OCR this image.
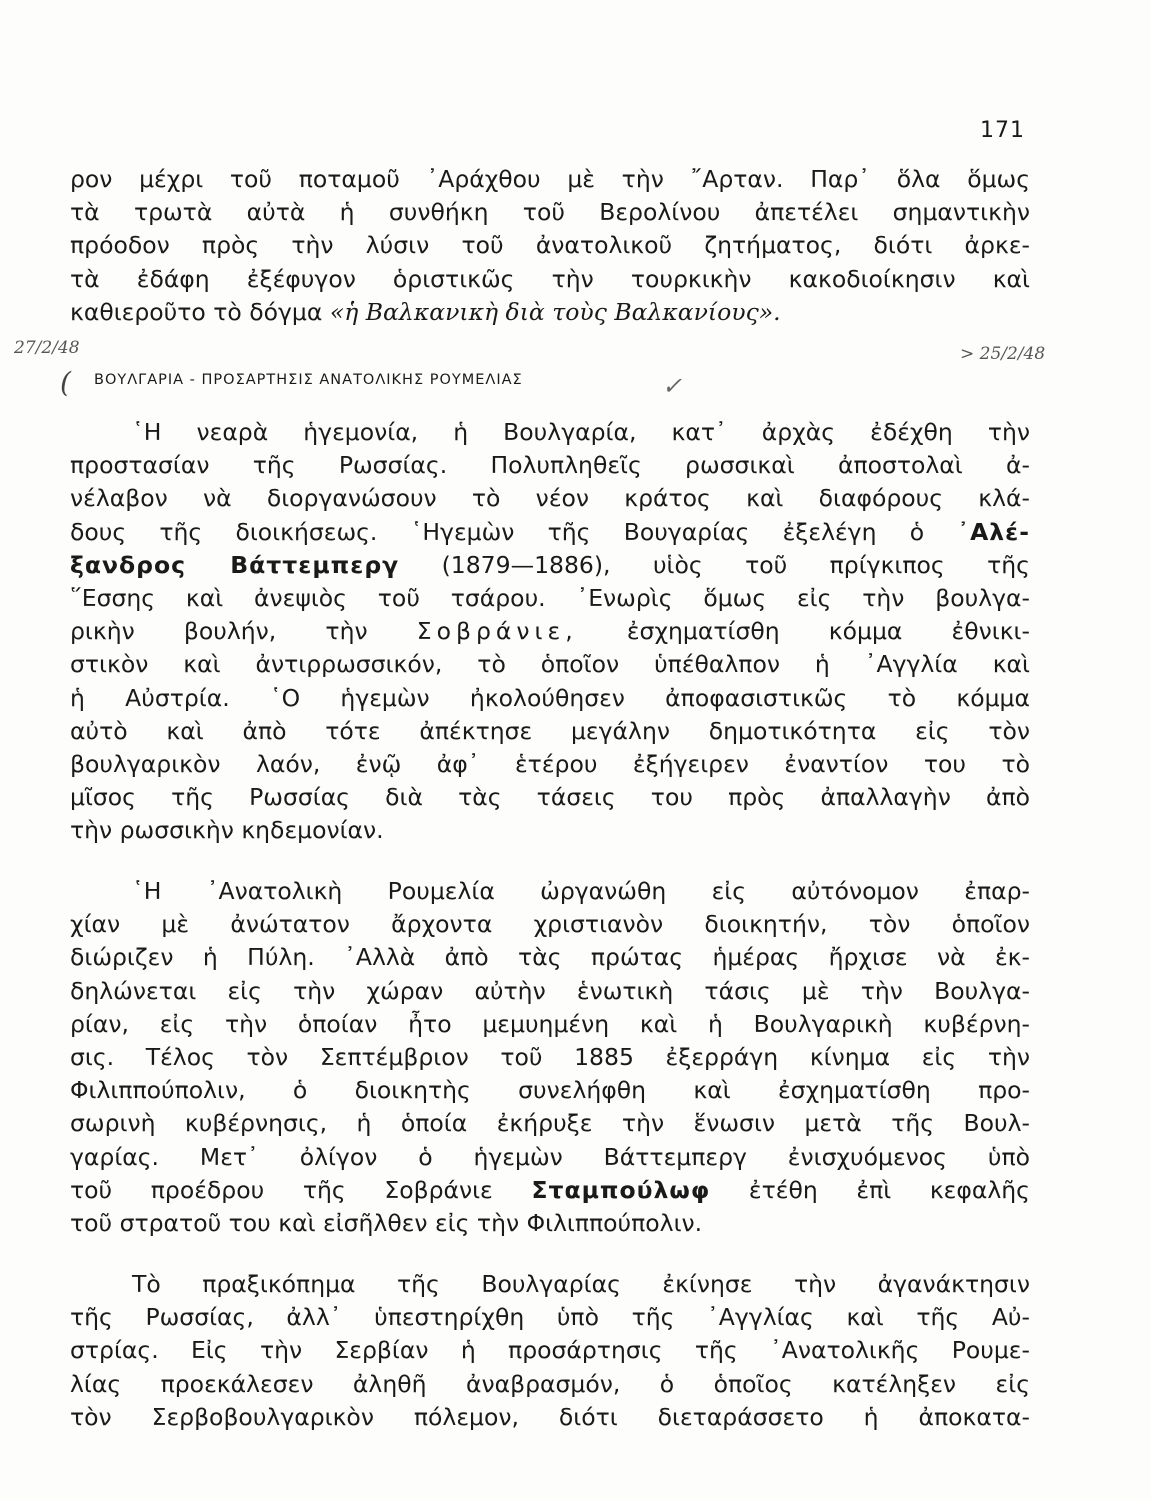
171
ρον μέχρι τοῦ ποταμοῦ ᾿Αράχθου μὲ τὴν ῎Αρταν. Παρ᾿ ὅλα ὅμως
τὰ τρωτὰ αὐτὰ ἡ συνθήκη τοῦ Βερολίνου ἀπετέλει σημαντικὴν
πρόοδον πρὸς τὴν λύσιν τοῦ ἀνατολικοῦ ζητήματος, διότι ἀρκε-
τὰ ἐδάφη ἐξέφυγον ὁριστικῶς τὴν τουρκικὴν κακοδιοίκησιν καὶ
καθιεροῦτο τὸ δόγμα «ἡ Βαλκανικὴ διὰ τοὺς Βαλκανίους».
27/2/48	> 25/2/48
(	✓
ΒΟΥΛΓΑΡΙΑ - ΠΡΟΣΑΡΤΗΣΙΣ ΑΝΑΤΟΛΙΚΗΣ ΡΟΥΜΕΛΙΑΣ
῾Η νεαρὰ ἡγεμονία, ἡ Βουλγαρία, κατ᾿ ἀρχὰς ἐδέχθη τὴν
προστασίαν τῆς Ρωσσίας. Πολυπληθεῖς ρωσσικαὶ ἀποστολαὶ ἀ-
νέλαβον νὰ διοργανώσουν τὸ νέον κράτος καὶ διαφόρους κλά-
δους τῆς διοικήσεως. ῾Ηγεμὼν τῆς Βουγαρίας ἐξελέγη ὁ ᾿Αλέ-
ξανδρος Βάττεμπεργ (1879—1886), υἱὸς τοῦ πρίγκιπος τῆς
῞Εσσης καὶ ἀνεψιὸς τοῦ τσάρου. ᾿Ενωρὶς ὅμως εἰς τὴν βουλγα-
ρικὴν βουλήν, τὴν Σοβράνιε, ἐσχηματίσθη κόμμα ἐθνικι-
στικὸν καὶ ἀντιρρωσσικόν, τὸ ὁποῖον ὑπέθαλπον ἡ ᾿Αγγλία καὶ
ἡ Αὐστρία. ῾Ο ἡγεμὼν ἠκολούθησεν ἀποφασιστικῶς τὸ κόμμα
αὐτὸ καὶ ἀπὸ τότε ἀπέκτησε μεγάλην δημοτικότητα εἰς τὸν
βουλγαρικὸν λαόν, ἐνῷ ἀφ᾿ ἑτέρου ἐξήγειρεν ἐναντίον του τὸ
μῖσος τῆς Ρωσσίας διὰ τὰς τάσεις του πρὸς ἀπαλλαγὴν ἀπὸ
τὴν ρωσσικὴν κηδεμονίαν.
῾Η ᾿Ανατολικὴ Ρουμελία ὠργανώθη εἰς αὐτόνομον ἐπαρ-
χίαν μὲ ἀνώτατον ἄρχοντα χριστιανὸν διοικητήν, τὸν ὁποῖον
διώριζεν ἡ Πύλη. ᾿Αλλὰ ἀπὸ τὰς πρώτας ἡμέρας ἤρχισε νὰ ἐκ-
δηλώνεται εἰς τὴν χώραν αὐτὴν ἑνωτικὴ τάσις μὲ τὴν Βουλγα-
ρίαν, εἰς τὴν ὁποίαν ἦτο μεμυημένη καὶ ἡ Βουλγαρικὴ κυβέρνη-
σις. Τέλος τὸν Σεπτέμβριον τοῦ 1885 ἐξερράγη κίνημα εἰς τὴν
Φιλιππούπολιν, ὁ διοικητὴς συνελήφθη καὶ ἐσχηματίσθη προ-
σωρινὴ κυβέρνησις, ἡ ὁποία ἐκήρυξε τὴν ἕνωσιν μετὰ τῆς Βουλ-
γαρίας. Μετ᾿ ὀλίγον ὁ ἡγεμὼν Βάττεμπεργ ἐνισχυόμενος ὑπὸ
τοῦ προέδρου τῆς Σοβράνιε Σταμπούλωφ ἐτέθη ἐπὶ κεφαλῆς
τοῦ στρατοῦ του καὶ εἰσῆλθεν εἰς τὴν Φιλιππούπολιν.
Τὸ πραξικόπημα τῆς Βουλγαρίας ἐκίνησε τὴν ἀγανάκτησιν
τῆς Ρωσσίας, ἀλλ᾿ ὑπεστηρίχθη ὑπὸ τῆς ᾿Αγγλίας καὶ τῆς Αὐ-
στρίας. Εἰς τὴν Σερβίαν ἡ προσάρτησις τῆς ᾿Ανατολικῆς Ρουμε-
λίας προεκάλεσεν ἀληθῆ ἀναβρασμόν, ὁ ὁποῖος κατέληξεν εἰς
τὸν Σερβοβουλγαρικὸν πόλεμον, διότι διεταράσσετο ἡ ἀποκατα-
